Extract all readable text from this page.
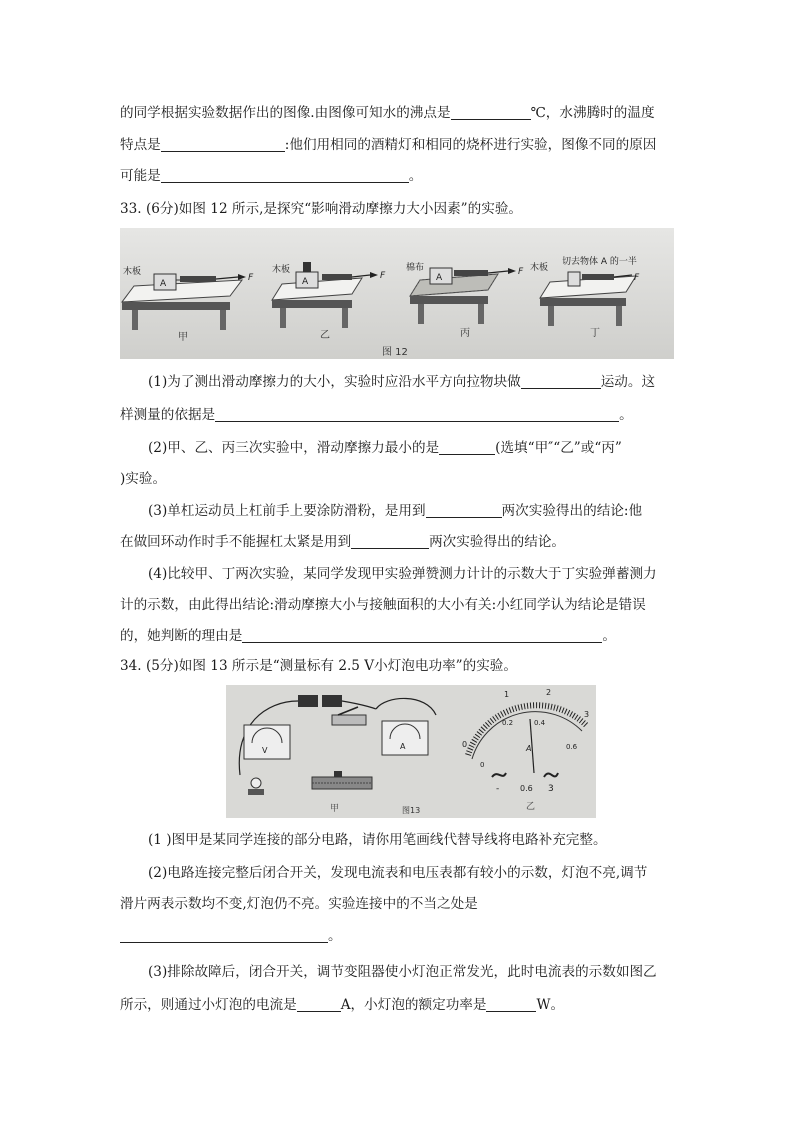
的同学根据实验数据作出的图像.由图像可知水的沸点是	℃，水沸腾时的温度
特点是	:他们用相同的酒精灯和相同的烧杯进行实验，图像不同的原因
可能是	。
33. (6分)如图 12 所示,是探究“影响滑动摩擦力大小因素”的实验。
木板
A
F
甲
木板
A
F
乙
棉布
A
F
丙
木板
切去物体 A 的一半
F
丁
图 12
(1)为了测出滑动摩擦力的大小，实验时应沿水平方向拉物块做	运动。这
样测量的依据是	。
(2)甲、乙、丙三次实验中，滑动摩擦力最小的是	(选填“甲″“乙”或“丙”
)实验。
(3)单杠运动员上杠前手上要涂防滑粉，是用到	两次实验得出的结论:他
在做回环动作时手不能握杠太紧是用到	两次实验得出的结论。
(4)比较甲、丁两次实验，某同学发现甲实验弹赞测力计计的示数大于丁实验弹蓄测力
计的示数，由此得出结论:滑动摩擦大小与接触面积的大小有关:小红同学认为结论是错误
的，她判断的理由是	。
34. (5分)如图 13 所示是“测量标有 2.5 V小灯泡电功率”的实验。
V	A
甲
0
1	2
3
0
0.2	0.4
0.6
A
-	0.6 3
乙
图13
(1 )图甲是某同学连接的部分电路，请你用笔画线代替导线将电路补充完整。
(2)电路连接完整后闭合开关，发现电流表和电压表都有较小的示数，灯泡不亮,调节
滑片两表示数均不变,灯泡仍不亮。实验连接中的不当之处是
。
(3)排除故障后，闭合开关，调节变阻器使小灯泡正常发光，此时电流表的示数如图乙
所示，则通过小灯泡的电流是	A，小灯泡的额定功率是	W。
